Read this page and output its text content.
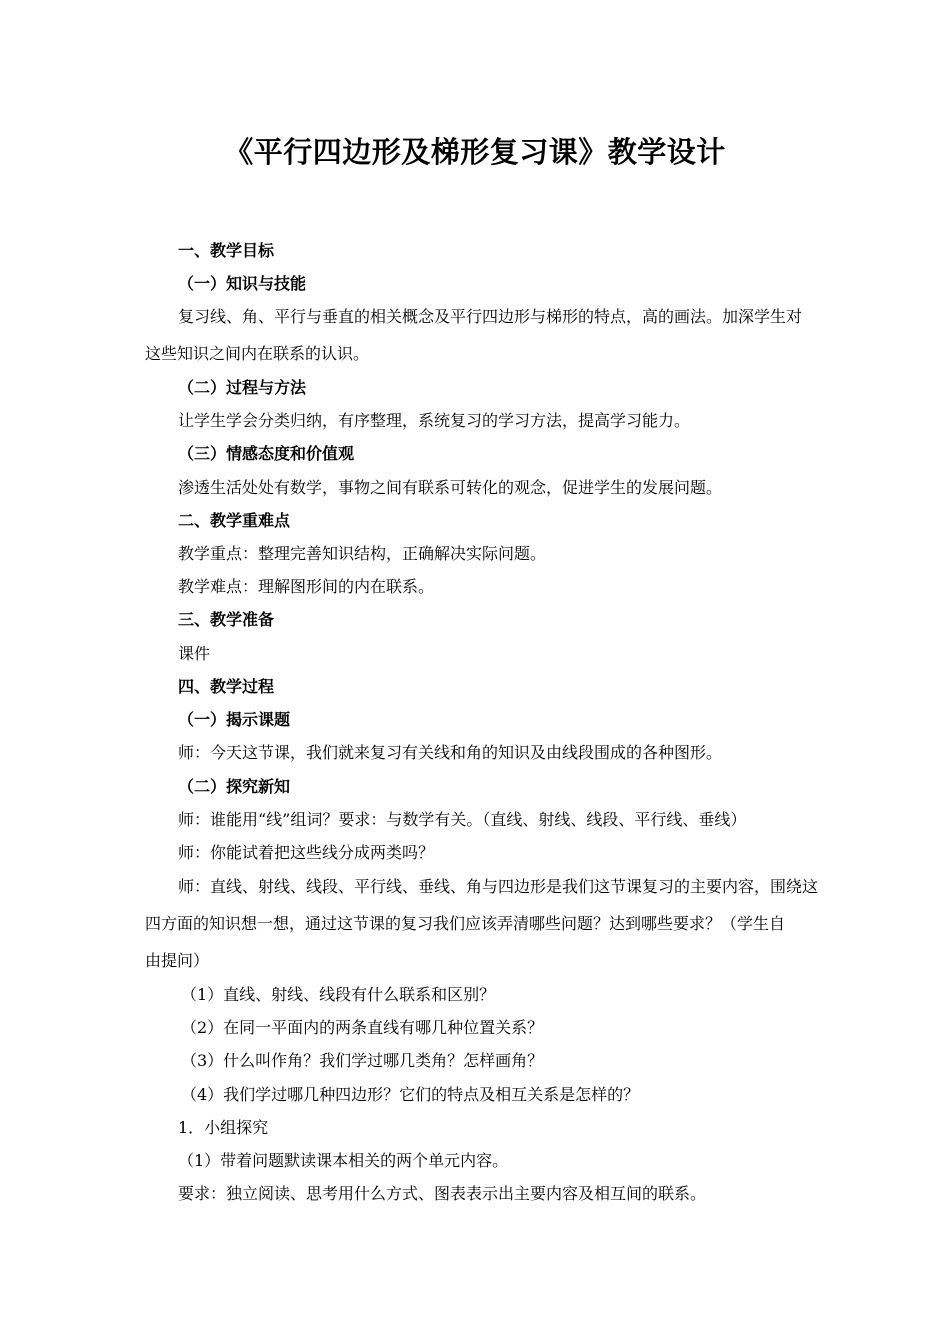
《平行四边形及梯形复习课》教学设计
一、教学目标
（一）知识与技能
复习线、角、平行与垂直的相关概念及平行四边形与梯形的特点，高的画法。加深学生对
这些知识之间内在联系的认识。
（二）过程与方法
让学生学会分类归纳，有序整理，系统复习的学习方法，提高学习能力。
（三）情感态度和价值观
渗透生活处处有数学，事物之间有联系可转化的观念，促进学生的发展问题。
二、教学重难点
教学重点：整理完善知识结构，正确解决实际问题。
教学难点：理解图形间的内在联系。
三、教学准备
课件
四、教学过程
（一）揭示课题
师：今天这节课，我们就来复习有关线和角的知识及由线段围成的各种图形。
（二）探究新知
师：谁能用“线”组词？要求：与数学有关。（直线、射线、线段、平行线、垂线）
师：你能试着把这些线分成两类吗？
师：直线、射线、线段、平行线、垂线、角与四边形是我们这节课复习的主要内容，围绕这
四方面的知识想一想，通过这节课的复习我们应该弄清哪些问题？达到哪些要求？（学生自
由提问）
（1）直线、射线、线段有什么联系和区别？
（2）在同一平面内的两条直线有哪几种位置关系？
（3）什么叫作角？我们学过哪几类角？怎样画角？
（4）我们学过哪几种四边形？它们的特点及相互关系是怎样的？
1．小组探究
（1）带着问题默读课本相关的两个单元内容。
要求：独立阅读、思考用什么方式、图表表示出主要内容及相互间的联系。
